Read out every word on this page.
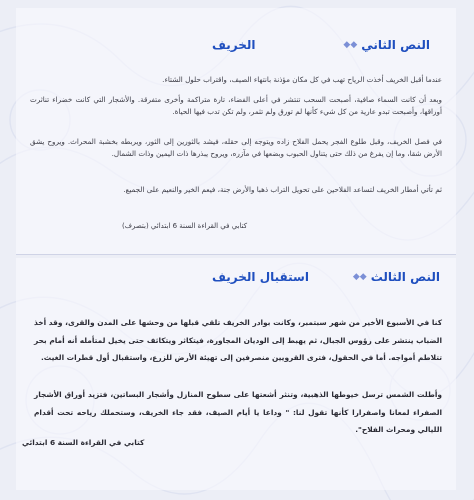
النص الثاني
◆◆
الخريف

عندما أقبل الخريف أخذت الرياح تهب في كل مكان مؤذنة بانتهاء الصيف، واقتراب حلول الشتاء.

وبعد أن كانت السماء صافية، أصبحت السحب تنتشر في أعلى الفضاء، تارة متراكمة وأخرى متفرقة. والأشجار التي كانت خضراء تناثرت أوراقها، وأصبحت تبدو عارية من كل شيء كأنها لم تورق ولم تثمر، ولم تكن تدب فيها الحياة.

في فصل الخريف، وقبل طلوع الفجر يحمل الفلاح زاده ويتوجه إلى حقله، فيشد بالثورين إلى الثور، ويربطه بخشبة المحراث. ويروح يشق الأرض شقا، وما إن يفرغ من ذلك حتى يتناول الحبوب وبضعها في مآزره، ويروح يبذرها ذات اليمين وذات الشمال.

ثم تأتي أمطار الخريف لتساعد الفلاحين على تحويل التراب ذهبا والأرض جنة، فيعم الخير والنعيم على الجميع.

كتابي في القراءة السنة 6 ابتدائي (بتصرف)
النص الثالث
◆◆
استقبال الخريف

كنا في الأسبوع الأخير من شهر سبتمبر، وكانت بوادر الخريف تلقي قبلها من وحشها على المدن والقرى، وقد أخذ الضباب ينتشر على رؤوس الجبال، ثم يهبط إلى الوديان المجاورة، فيتكاثر ويتكاثف حتى يخيل لمتأمله أنه أمام بحر تتلاطم أمواجه. أما في الحقول، فترى القرويين منصرفين إلى تهيئة الأرض للزرع، واستقبال أول قطرات الغيث.

وأطلت الشمس ترسل خيوطها الذهبية، وتنثر أشعتها على سطوح المنازل وأشجار البساتين، فتزيد أوراق الأشجار الصفراء لمعانا واصفرارا كأنها تقول لنا: " وداعا يا أيام الصيف، فقد جاء الخريف، وستحملك رياحه تحت أقدام الليالي ومحراث الفلاح".

كتابي في القراءة السنة 6 ابتدائي
